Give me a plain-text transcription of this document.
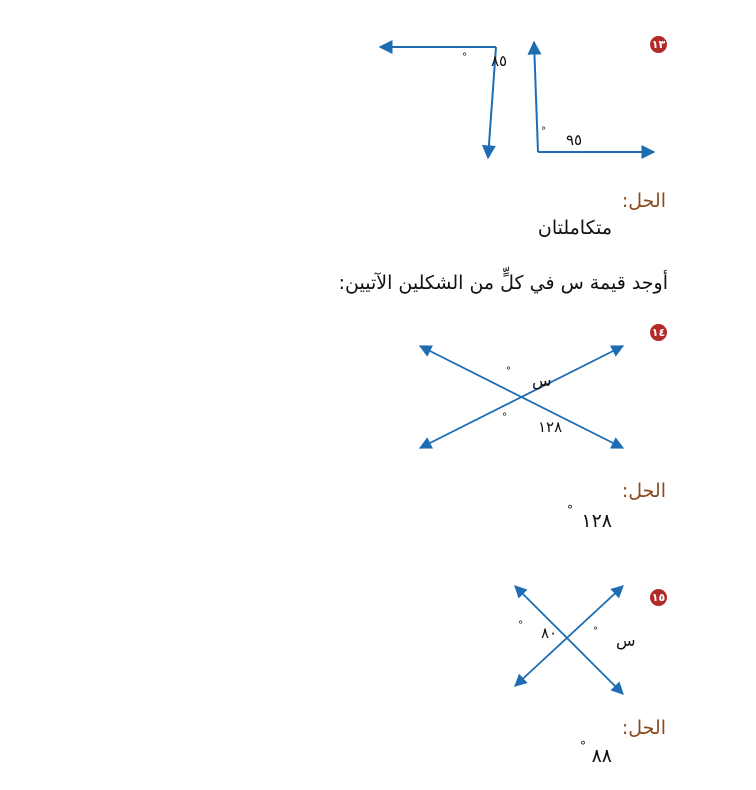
١٣
٨٥
°
٩٥
°
الحل:
متكاملتان
أوجد قيمة س في كلٍّ من الشكلين الآتيين:
١٤
س
°
١٢٨
°
الحل:
١٢٨
°
١٥
٨٠
°
س
°
الحل:
٨٨
°
